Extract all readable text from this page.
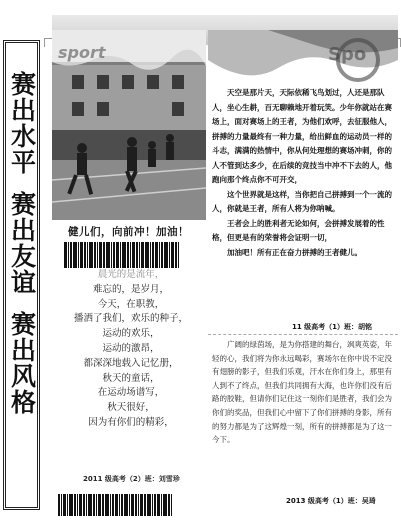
赛出水平
赛出友谊
赛出风格
sport	Spo
健儿们，向前冲！加油！
晨光的是流年，
难忘的，是岁月，
今天，在职教，
播洒了我们，欢乐的种子，
运动的欢乐，
运动的激昂，
都深深地载入记忆册，
秋天的童话，
在运动场谱写，
秋天很好，
因为有你们的精彩，
2011 级高考（2）班：刘雪珍

天空是那片天，天际依稀飞鸟划过，人还是那队人，坐心生耕，百无聊赖地开着玩笑。少年你就站在赛场上，面对赛场上的王者，为他们欢呼，去征服他人，拼搏的力量最终有一种力量，给出鲜血的运动员一样的斗志，满满的热情中，你从何处理想的赛场冲刺，你的人不管到达多少，在后续的竞技当中冲不下去的人，他跑向那个终点你不可开交，

这个世界就是这样，当你把自己拼搏到一个一流的人，你就是王者，所有人将为你呐喊。

王者会上的胜利者无论如何，会拼搏发展着的性格，但更是有的荣誉将会证明一切，

加油吧！所有正在奋力拼搏的王者健儿。

11 级高考（1）班：胡铭

广阔的绿茵场，是为你搭建的舞台，飒爽英姿，年轻的心，我们将为你永远喝彩，赛场尔在你中说不定没有翅膀的影子，但我们乐观，汗水在你们身上，那里有人到不了终点，但我们共同拥有大海，也许你们没有后路的胶鞋，但请你们记住这一刻你们是胜者，我们会为你们的奖品，但我们心中留下了你们拼搏的身影，所有的努力都是为了这辉煌一刻，所有的拼搏都是为了这一今下。

2013 级高考（1）班：吴琦
